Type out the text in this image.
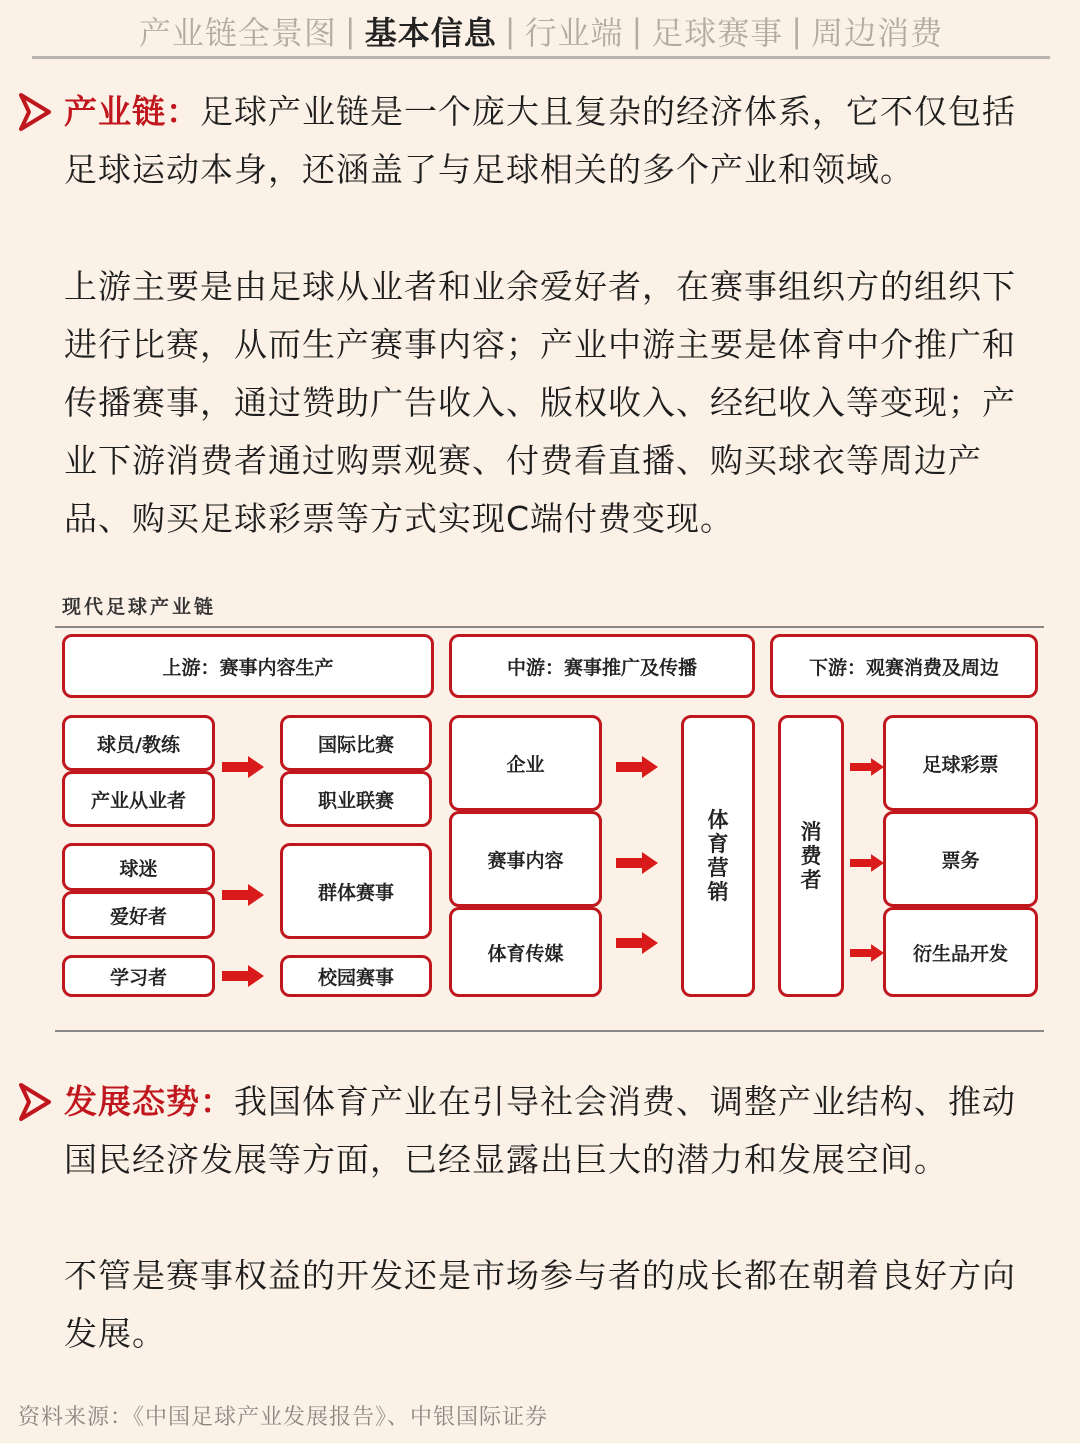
产业链全景图 | 基本信息 | 行业端 | 足球赛事 | 周边消费

产业链：足球产业链是一个庞大且复杂的经济体系，它不仅包括足球运动本身，还涵盖了与足球相关的多个产业和领域。

上游主要是由足球从业者和业余爱好者，在赛事组织方的组织下进行比赛，从而生产赛事内容；产业中游主要是体育中介推广和传播赛事，通过赞助广告收入、版权收入、经纪收入等变现；产业下游消费者通过购票观赛、付费看直播、购买球衣等周边产品、购买足球彩票等方式实现C端付费变现。

现代足球产业链

上游：赛事内容生产	中游：赛事推广及传播	下游：观赛消费及周边
球员/教练
产业从业者
球迷
爱好者
学习者
国际比赛
职业联赛
群体赛事
校园赛事
企业
赛事内容
体育传媒
体
育
营
销
消
费
者
足球彩票
票务
衍生品开发

发展态势：我国体育产业在引导社会消费、调整产业结构、推动国民经济发展等方面，已经显露出巨大的潜力和发展空间。

不管是赛事权益的开发还是市场参与者的成长都在朝着良好方向发展。

资料来源：《中国足球产业发展报告》、中银国际证券
